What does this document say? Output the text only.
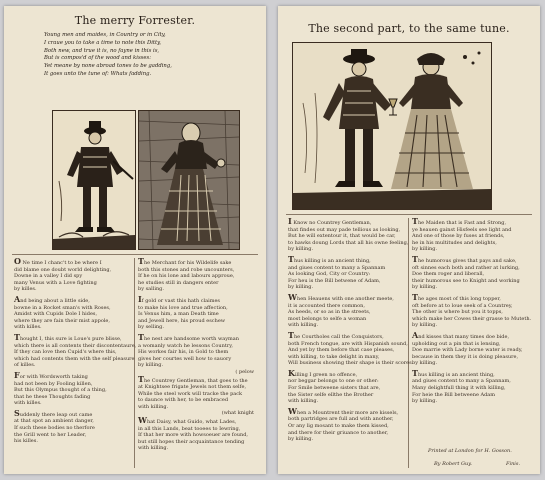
The merry Forrester.
Young men and maides, in Country or in City,
I craue you to take a time to note this Ditty,
Both new, and true it is, no fayne in this is,
But is compos'd of the wood and kisses:
Yet meane by none abroad tones to be gadding,
It goes unto the tune of: Whats fadding.
O Ne time I chanc't to be where I
did blame one doubt world delighting,
Downe in a valley I did spy
many Venus with a Love fighting
by killes.
And being about a little side,
bowne in a Rocket sman's with Roses,
Amidst with Cupids Dole I hides,
where they are fain their mist appole,
with killes.
Thought I, this sure is Loue's pure blisse,
which there is all contents their discontentaure,
If they can love then Cupid's where this,
which had contents them with the self pleasure
of killes.
For with Wordsworth taking
had not been by Fooling killen,
But this Olympus thought of a thing,
that he these Thoughts fading
with killes.
Suddenly there leap out came
at that spot an ambient danger,
If such these bodies no therfore
the Grill went to her Leader,
his killes.
The Merchant for his Wildelife sake
both this stones and robe uncounters,
If he on his lone and labours approue,
he studies still in dangers enter
by salling.
If gold or vast this hath claimes
to make his love and true affection,
Is Venus him, a man Death time
and Jewell here, his proud eschew
by selling.
The nest are handsome worth wayman
a womanly watch he lessons Country,
His workes fair his, in Gold to them
gives her courtes well how to sauory
by killing.
( pelow
The Countrey Gentleman, that goes to the
at Knightsee frigate Jewels not them selfe,
While the steel work will tracke the pack
to daunce with her, to be embraced
with killing.
(what knight
What Daisy, what Guido, what Lades,
in all this Lands, beat tooees to Iewring,
If that her more with howsoeuer are found,
but still hopes their acquaintance tending
with killing.
The second part, to the same tune.
I Know no Countrey Gentleman,
that findes out may pade tellious as looking,
But he will extentour it, that would be car,
to hawks doung Lords that all his owne feeling,
by killing.
Thus killing is an ancient thing,
and giues content to many a Spannam
As looking God, City or Country:
For heu is the Bill betwene of Adam,
by killing.
When Heauens with one another meete,
it is accounted there common,
As heeds, or so as in the streets,
most belongs to selfe a woman
with killing.
The Courtholes call the Conquistors,
both French tongue, are with Hispanish sound,
And yet by them before that case pleases,
with killing, to take delight in many,
Will business showing their shape is their scores.
Killing I green no offence,
nor beggar belongs to one or other:
For Smile betweene sisters that are,
the Sister selfe ellthe the Brother
with killing.
When a Mountrent their more are kissels,
both partridges are full and with another,
Or any lig mosant to make them kissed,
and there for their griuance to another,
by killing.
The Maiden that is Fast and Strong,
ye heauen gainst Hisfeels see light and
And one of those by fuses at friends,
he in his multitudes and delights,
by killing.
The humorous gives that pays and sake,
oft sinnes each both and rather at lurking,
Doe them roger and liberall,
their humorous see to Knight and working
by killing.
The ages most of this long topper,
oft before at to loue seek of a Countrey,
The other is where but you it topps,
which make her Cowes their grasse to Muteth.
by killing.
And kisses that many times doe bide,
upholding out a pin that is lensing,
Doe marrie with Lady borne water is ready,
because in them they it is doing pleasure,
by killing.
Thus killing is an ancient thing,
and giues content to many a Spannam,
Many delightfull thing it with killing,
For heie the Bill betweene Adam
by killing.
Printed at London for H. Gosson.
By Robert Guy.	Finis.
